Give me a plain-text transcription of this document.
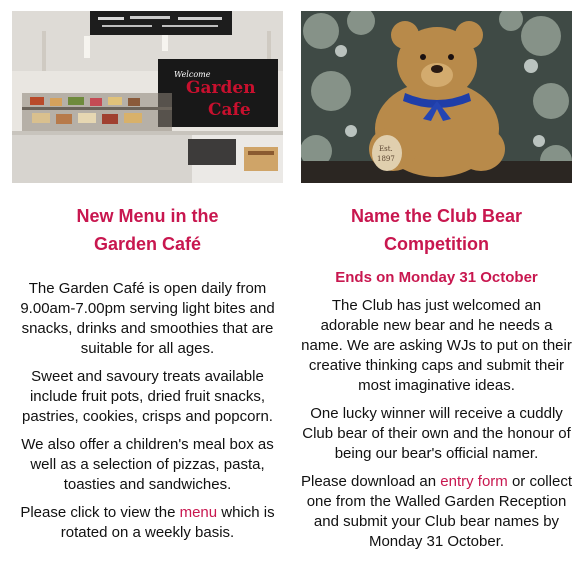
Welcome
Garden
Cafe
New Menu in the
Garden Café

The Garden Café is open daily from 9.00am-7.00pm serving light bites and snacks, drinks and smoothies that are suitable for all ages.

Sweet and savoury treats available include fruit pots, dried fruit snacks, pastries, cookies, crisps and popcorn.

We also offer a children's meal box as well as a selection of pizzas, pasta, toasties and sandwiches.

Please click to view the menu which is rotated on a weekly basis.

Est.
1897
Name the Club Bear
Competition
Ends on Monday 31 October

The Club has just welcomed an adorable new bear and he needs a name. We are asking WJs to put on their creative thinking caps and submit their most imaginative ideas.

One lucky winner will receive a cuddly Club bear of their own and the honour of being our bear's official namer.

Please download an entry form or collect one from the Walled Garden Reception and submit your Club bear names by Monday 31 October.
